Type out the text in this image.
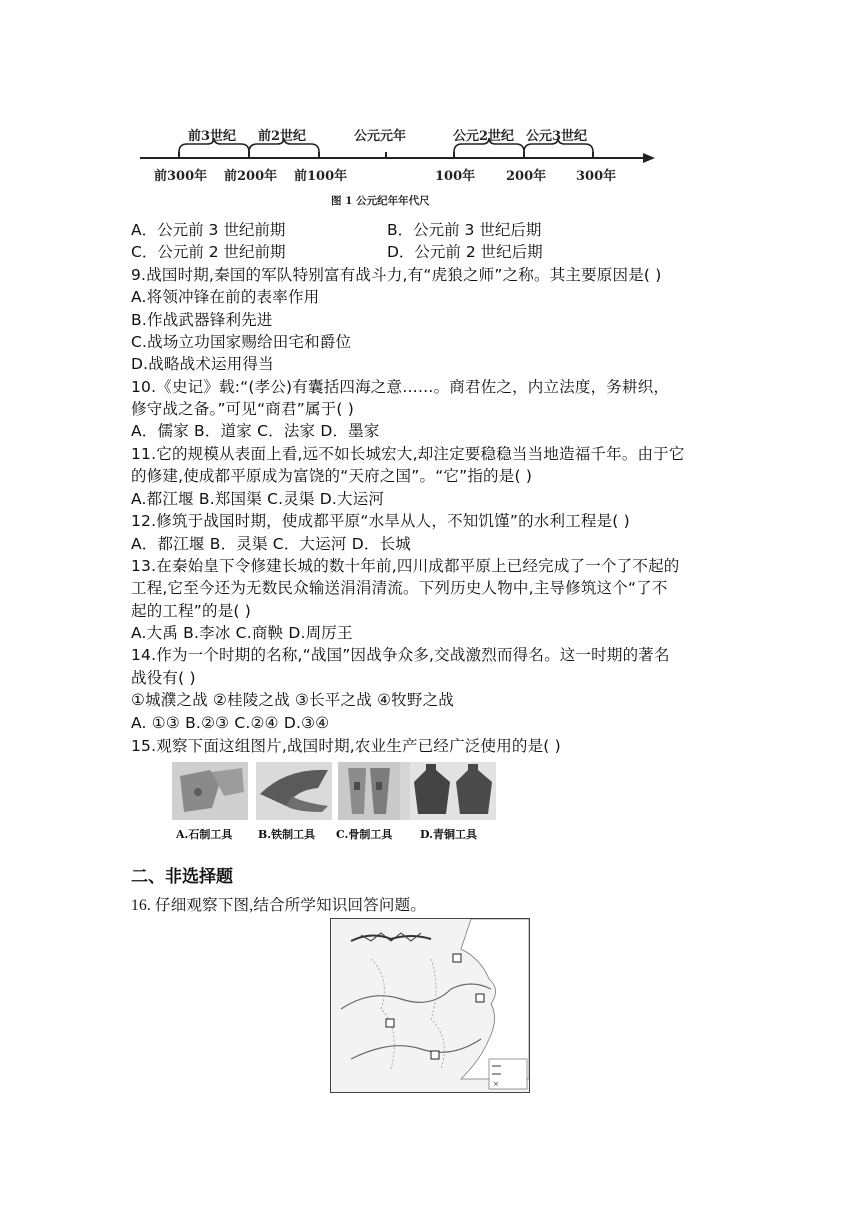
前3世纪 前2世纪	公元元年	公元2世纪 公元3世纪
前300年 前200年 前100年	100年 200年 300年
图 1 公元纪年年代尺
A．公元前 3 世纪前期	B．公元前 3 世纪后期
C．公元前 2 世纪前期	D．公元前 2 世纪后期
9.战国时期,秦国的军队特别富有战斗力,有“虎狼之师”之称。其主要原因是( )
A.将领冲锋在前的表率作用
B.作战武器锋利先进
C.战场立功国家赐给田宅和爵位
D.战略战术运用得当
10.《史记》载:“(孝公)有囊括四海之意……。商君佐之，内立法度，务耕织，
修守战之备。”可见“商君”属于( )
A．儒家 B．道家 C．法家 D．墨家
11.它的规模从表面上看,远不如长城宏大,却注定要稳稳当当地造福千年。由于它
的修建,使成都平原成为富饶的“天府之国”。“它”指的是( )
A.都江堰 B.郑国渠 C.灵渠 D.大运河
12.修筑于战国时期，使成都平原“水旱从人，不知饥馑”的水利工程是( )
A．都江堰 B．灵渠 C．大运河 D．长城
13.在秦始皇下令修建长城的数十年前,四川成都平原上已经完成了一个了不起的
工程,它至今还为无数民众输送涓涓清流。下列历史人物中,主导修筑这个“了不
起的工程”的是( )
A.大禹 B.李冰 C.商鞅 D.周厉王
14.作为一个时期的名称,“战国”因战争众多,交战激烈而得名。这一时期的著名
战役有( )
①城濮之战 ②桂陵之战 ③长平之战 ④牧野之战
A. ①③ B.②③ C.②④ D.③④
15.观察下面这组图片,战国时期,农业生产已经广泛使用的是( )
A.石制工具 B.铁制工具 C.骨制工具	D.青铜工具
二、非选择题
16. 仔细观察下图,结合所学知识回答问题。
×
